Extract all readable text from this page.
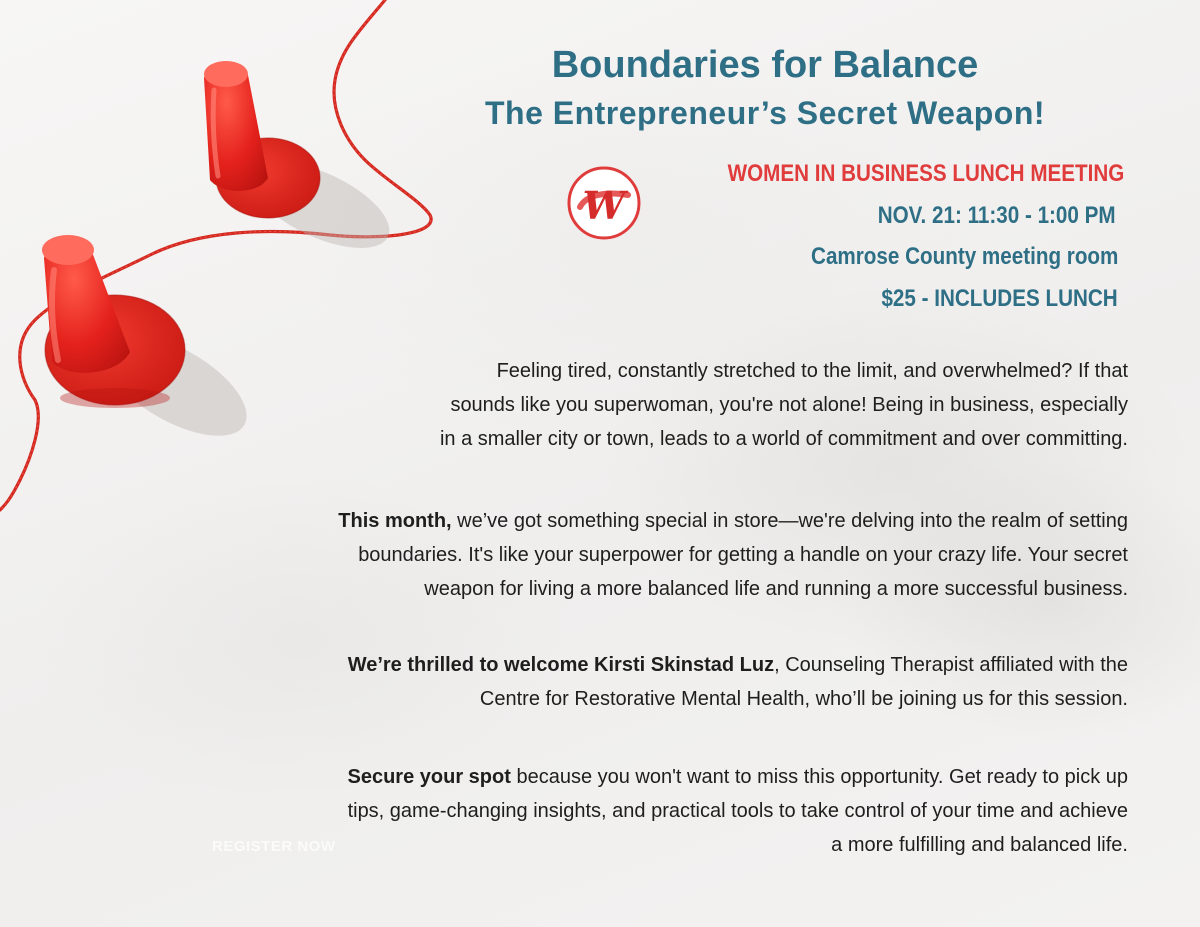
Boundaries for Balance
The Entrepreneur’s Secret Weapon!
W
WOMEN IN BUSINESS LUNCH MEETING
NOV. 21: 11:30 - 1:00 PM
Camrose County meeting room
$25 - INCLUDES LUNCH

Feeling tired, constantly stretched to the limit, and overwhelmed? If that
sounds like you superwoman, you're not alone! Being in business, especially
in a smaller city or town, leads to a world of commitment and over committing.

This month, we’ve got something special in store—we're delving into the realm of setting
boundaries. It's like your superpower for getting a handle on your crazy life. Your secret
weapon for living a more balanced life and running a more successful business.

We’re thrilled to welcome Kirsti Skinstad Luz, Counseling Therapist affiliated with the
Centre for Restorative Mental Health, who’ll be joining us for this session.

Secure your spot because you won't want to miss this opportunity. Get ready to pick up
tips, game-changing insights, and practical tools to take control of your time and achieve
a more fulfilling and balanced life.

REGISTER NOW
